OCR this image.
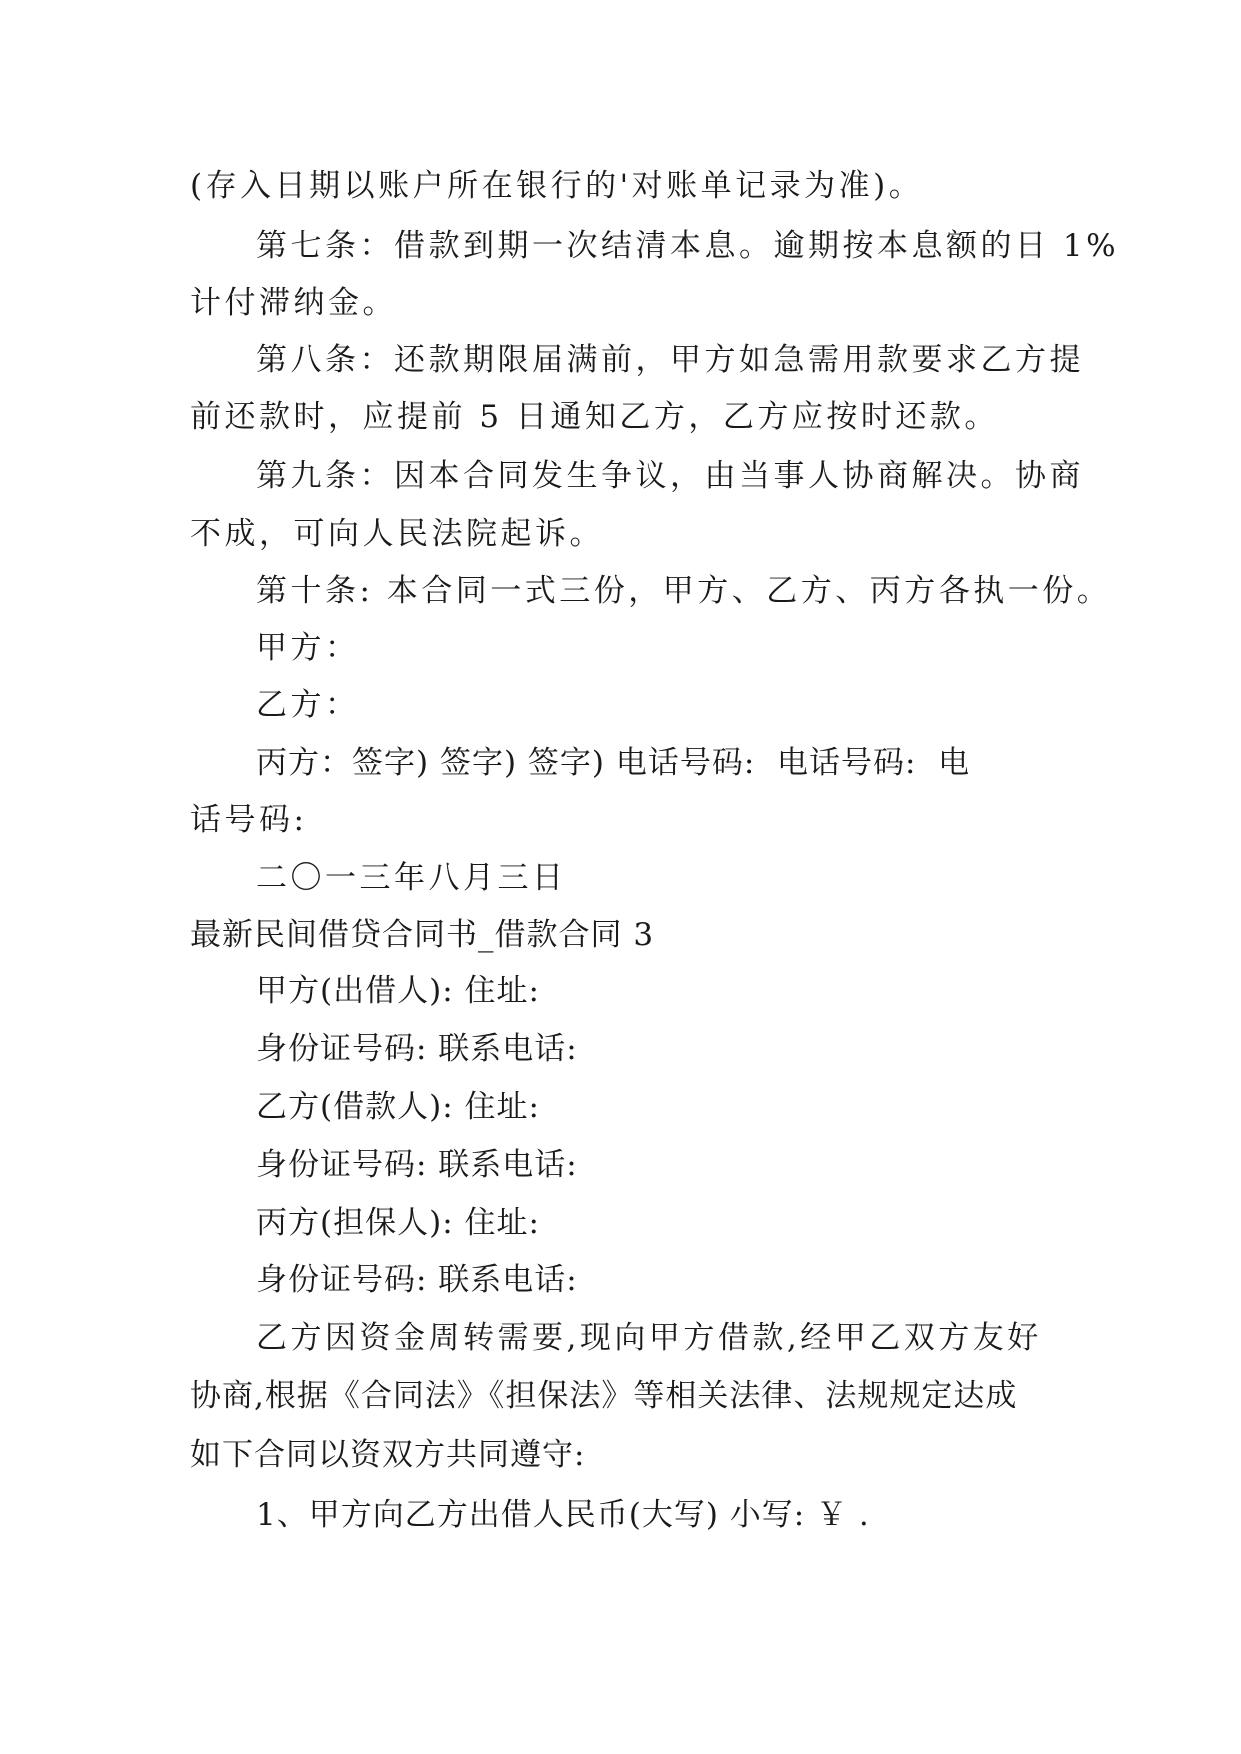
(存入日期以账户所在银行的'对账单记录为准)。
第七条：借款到期一次结清本息。逾期按本息额的日 1%
计付滞纳金。
第八条：还款期限届满前，甲方如急需用款要求乙方提
前还款时，应提前 5 日通知乙方，乙方应按时还款。
第九条：因本合同发生争议，由当事人协商解决。协商
不成，可向人民法院起诉。
第十条: 本合同一式三份，甲方、乙方、丙方各执一份。
甲方：
乙方：
丙方：签字) 签字) 签字) 电话号码:  电话号码:  电
话号码:
二〇一三年八月三日
最新民间借贷合同书_借款合同 3
甲方(出借人): 住址:
身份证号码: 联系电话:
乙方(借款人): 住址:
身份证号码: 联系电话:
丙方(担保人): 住址:
身份证号码: 联系电话:
乙方因资金周转需要,现向甲方借款,经甲乙双方友好
协商,根据《合同法》《担保法》等相关法律、法规规定达成
如下合同以资双方共同遵守:
1、甲方向乙方出借人民币(大写) 小写: ￥ .
